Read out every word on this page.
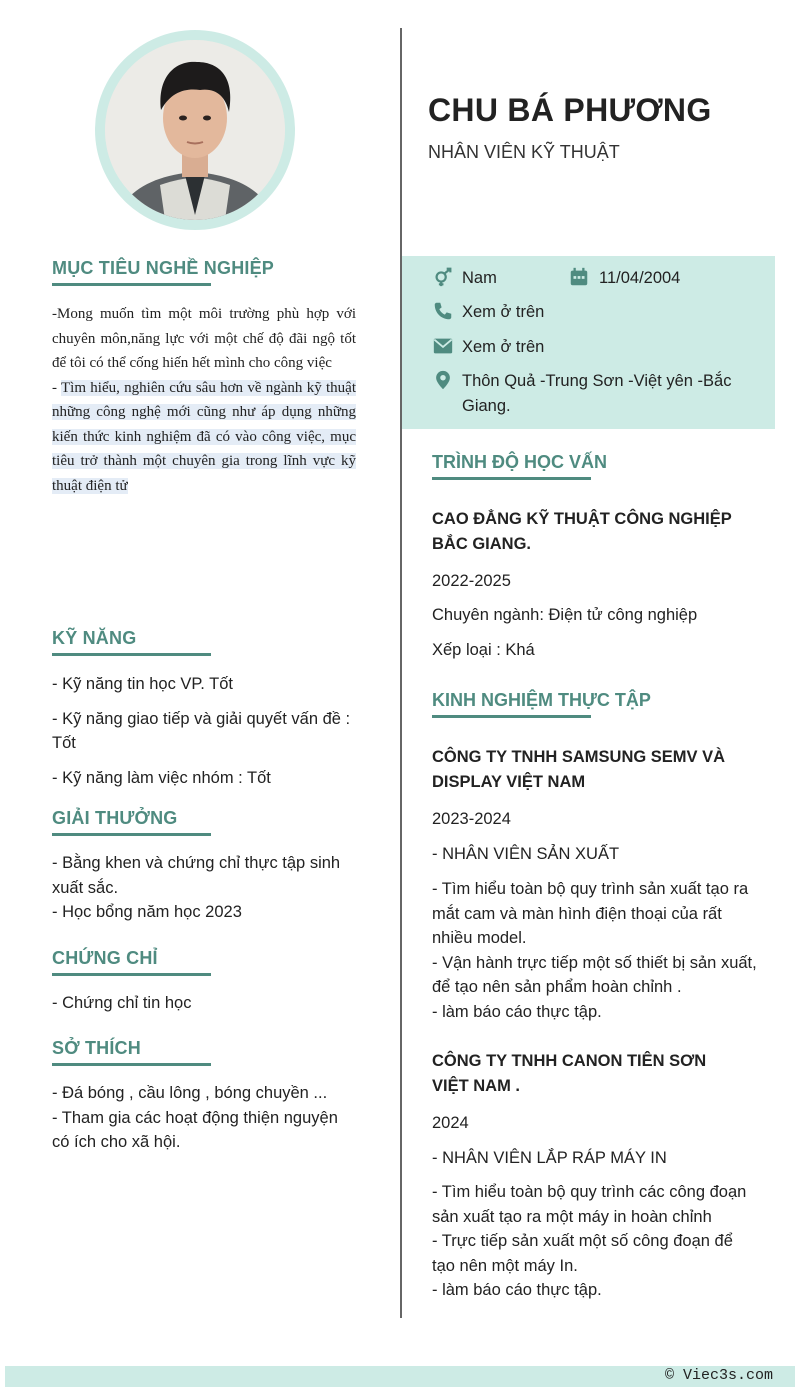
MỤC TIÊU NGHỀ NGHIỆP
-Mong muốn tìm một môi trường phù hợp với chuyên môn,năng lực với một chế độ đãi ngộ tốt để tôi có thể cống hiến hết mình cho công việc
- Tìm hiểu, nghiên cứu sâu hơn về ngành kỹ thuật những công nghệ mới cũng như áp dụng những kiến thức kinh nghiệm đã có vào công việc, mục tiêu trở thành một chuyên gia trong lĩnh vực kỹ thuật điện tử
KỸ NĂNG

- Kỹ năng tin học VP. Tốt

- Kỹ năng giao tiếp và giải quyết vấn đề : Tốt

- Kỹ năng làm việc nhóm : Tốt

GIẢI THƯỞNG

- Bằng khen và chứng chỉ thực tập sinh xuất sắc.

- Học bổng năm học 2023

CHỨNG CHỈ

- Chứng chỉ tin học

SỞ THÍCH

- Đá bóng , cầu lông , bóng chuyền ...

- Tham gia các hoạt động thiện nguyện có ích cho xã hội.

CHU BÁ PHƯƠNG
NHÂN VIÊN KỸ THUẬT
Nam	11/04/2004
Xem ở trên
Xem ở trên
Thôn Quả -Trung Sơn -Việt yên -Bắc Giang.
TRÌNH ĐỘ HỌC VẤN
CAO ĐẲNG KỸ THUẬT CÔNG NGHIỆP BẮC GIANG.
2022-2025
Chuyên ngành: Điện tử công nghiệp
Xếp loại : Khá
KINH NGHIỆM THỰC TẬP
CÔNG TY TNHH SAMSUNG SEMV VÀ DISPLAY VIỆT NAM
2023-2024
- NHÂN VIÊN SẢN XUẤT

- Tìm hiểu toàn bộ quy trình sản xuất tạo ra mắt cam và màn hình điện thoại của rất nhiều model.

- Vận hành trực tiếp một số thiết bị sản xuất, để tạo nên sản phẩm hoàn chỉnh .

- làm báo cáo thực tập.

CÔNG TY TNHH CANON TIÊN SƠN VIỆT NAM .
2024
- NHÂN VIÊN LẮP RÁP MÁY IN

- Tìm hiểu toàn bộ quy trình các công đoạn sản xuất tạo ra một máy in hoàn chỉnh

- Trực tiếp sản xuất một số công đoạn để tạo nên một máy In.

- làm báo cáo thực tập.

© Viec3s.com
